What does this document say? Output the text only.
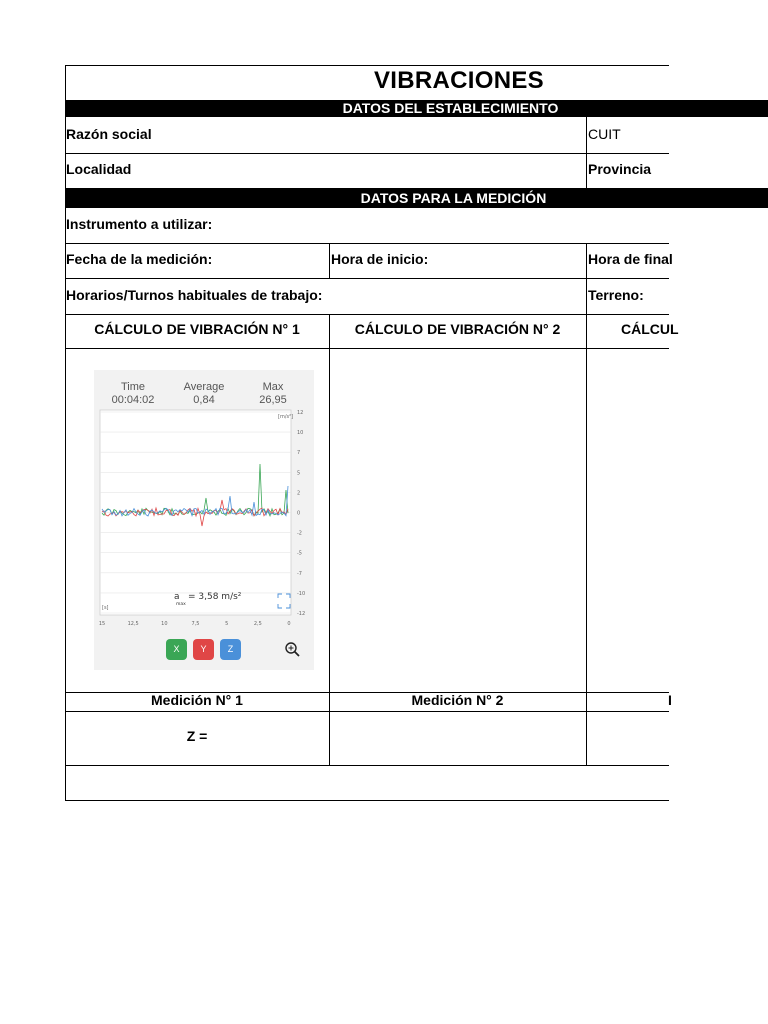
VIBRACIONES
DATOS DEL ESTABLECIMIENTO
Razón social	CUIT
Localidad	Provincia
DATOS PARA LA MEDICIÓN
Instrumento a utilizar:
Fecha de la medición:	Hora de inicio:	Hora de final
Horarios/Turnos habituales de trabajo:	Terreno:
CÁLCULO DE VIBRACIÓN N° 1	CÁLCULO DE VIBRACIÓN N° 2	CÁLCUL
Time
00:04:02
Average
0,84
Max
26,95
12
10
7
5
2
0
-2
-5
-7
-10
-12
15	12,5	10	7,5	5	2,5	0
[m/s²]
[s]
a
max
= 3,58 m/s²
X	Y	Z
Medición N° 1	Medición N° 2	I
Z =
